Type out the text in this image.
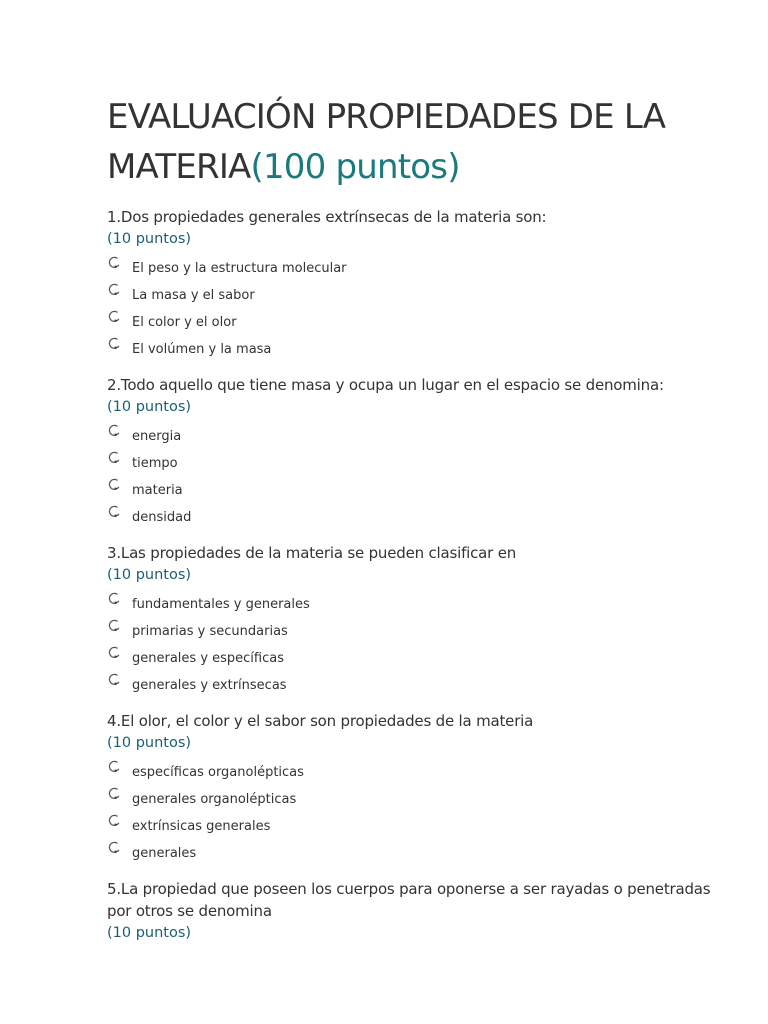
EVALUACIÓN PROPIEDADES DE LA MATERIA(100 puntos)

1.Dos propiedades generales extrínsecas de la materia son:

(10 puntos)

El peso y la estructura molecular
La masa y el sabor
El color y el olor
El volúmen y la masa

2.Todo aquello que tiene masa y ocupa un lugar en el espacio se denomina:

(10 puntos)

energia
tiempo
materia
densidad

3.Las propiedades de la materia se pueden clasificar en

(10 puntos)

fundamentales y generales
primarias y secundarias
generales y específicas
generales y extrínsecas

4.El olor, el color y el sabor son propiedades de la materia

(10 puntos)

específicas organolépticas
generales organolépticas
extrínsicas generales
generales

5.La propiedad que poseen los cuerpos para oponerse a ser rayadas o penetradas por otros se denomina

(10 puntos)
